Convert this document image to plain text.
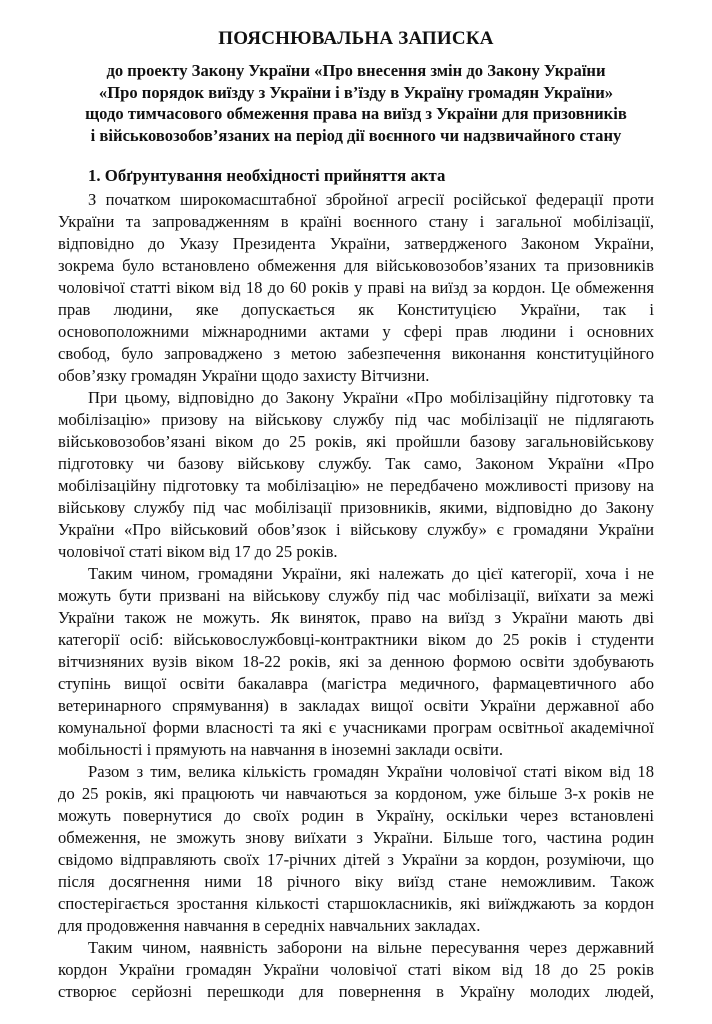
ПОЯСНЮВАЛЬНА ЗАПИСКА
до проекту Закону України «Про внесення змін до Закону України
«Про порядок виїзду з України і в’їзду в Україну громадян України»
щодо тимчасового обмеження права на виїзд з України для призовників
і військовозобов’язаних на період дії воєнного чи надзвичайного стану
1. Обґрунтування необхідності прийняття акта
З початком широкомасштабної збройної агресії російської федерації проти
України та запровадженням в країні воєнного стану і загальної мобілізації,
відповідно до Указу Президента України, затвердженого Законом України,
зокрема було встановлено обмеження для військовозобов’язаних та призовників
чоловічої статті віком від 18 до 60 років у праві на виїзд за кордон. Це обмеження
прав людини, яке допускається як Конституцією України, так і
основоположними міжнародними актами у сфері прав людини і основних
свобод, було запроваджено з метою забезпечення виконання конституційного
обов’язку громадян України щодо захисту Вітчизни.
При цьому, відповідно до Закону України «Про мобілізаційну підготовку та
мобілізацію» призову на військову службу під час мобілізації не підлягають
військовозобов’язані віком до 25 років, які пройшли базову загальновійськову
підготовку чи базову військову службу. Так само, Законом України «Про
мобілізаційну підготовку та мобілізацію» не передбачено можливості призову на
військову службу під час мобілізації призовників, якими, відповідно до Закону
України «Про військовий обов’язок і військову службу» є громадяни України
чоловічої статі віком від 17 до 25 років.
Таким чином, громадяни України, які належать до цієї категорії, хоча і не
можуть бути призвані на військову службу під час мобілізації, виїхати за межі
України також не можуть. Як виняток, право на виїзд з України мають дві
категорії осіб: військовослужбовці-контрактники віком до 25 років і студенти
вітчизняних вузів віком 18-22 років, які за денною формою освіти здобувають
ступінь вищої освіти бакалавра (магістра медичного, фармацевтичного або
ветеринарного спрямування) в закладах вищої освіти України державної або
комунальної форми власності та які є учасниками програм освітньої академічної
мобільності і прямують на навчання в іноземні заклади освіти.
Разом з тим, велика кількість громадян України чоловічої статі віком від 18
до 25 років, які працюють чи навчаються за кордоном, уже більше 3-х років не
можуть повернутися до своїх родин в Україну, оскільки через встановлені
обмеження, не зможуть знову виїхати з України. Більше того, частина родин
свідомо відправляють своїх 17-річних дітей з України за кордон, розуміючи, що
після досягнення ними 18 річного віку виїзд стане неможливим. Також
спостерігається зростання кількості старшокласників, які виїжджають за кордон
для продовження навчання в середніх навчальних закладах.
Таким чином, наявність заборони на вільне пересування через державний
кордон України громадян України чоловічої статі віком від 18 до 25 років
створює серйозні перешкоди для повернення в Україну молодих людей,
